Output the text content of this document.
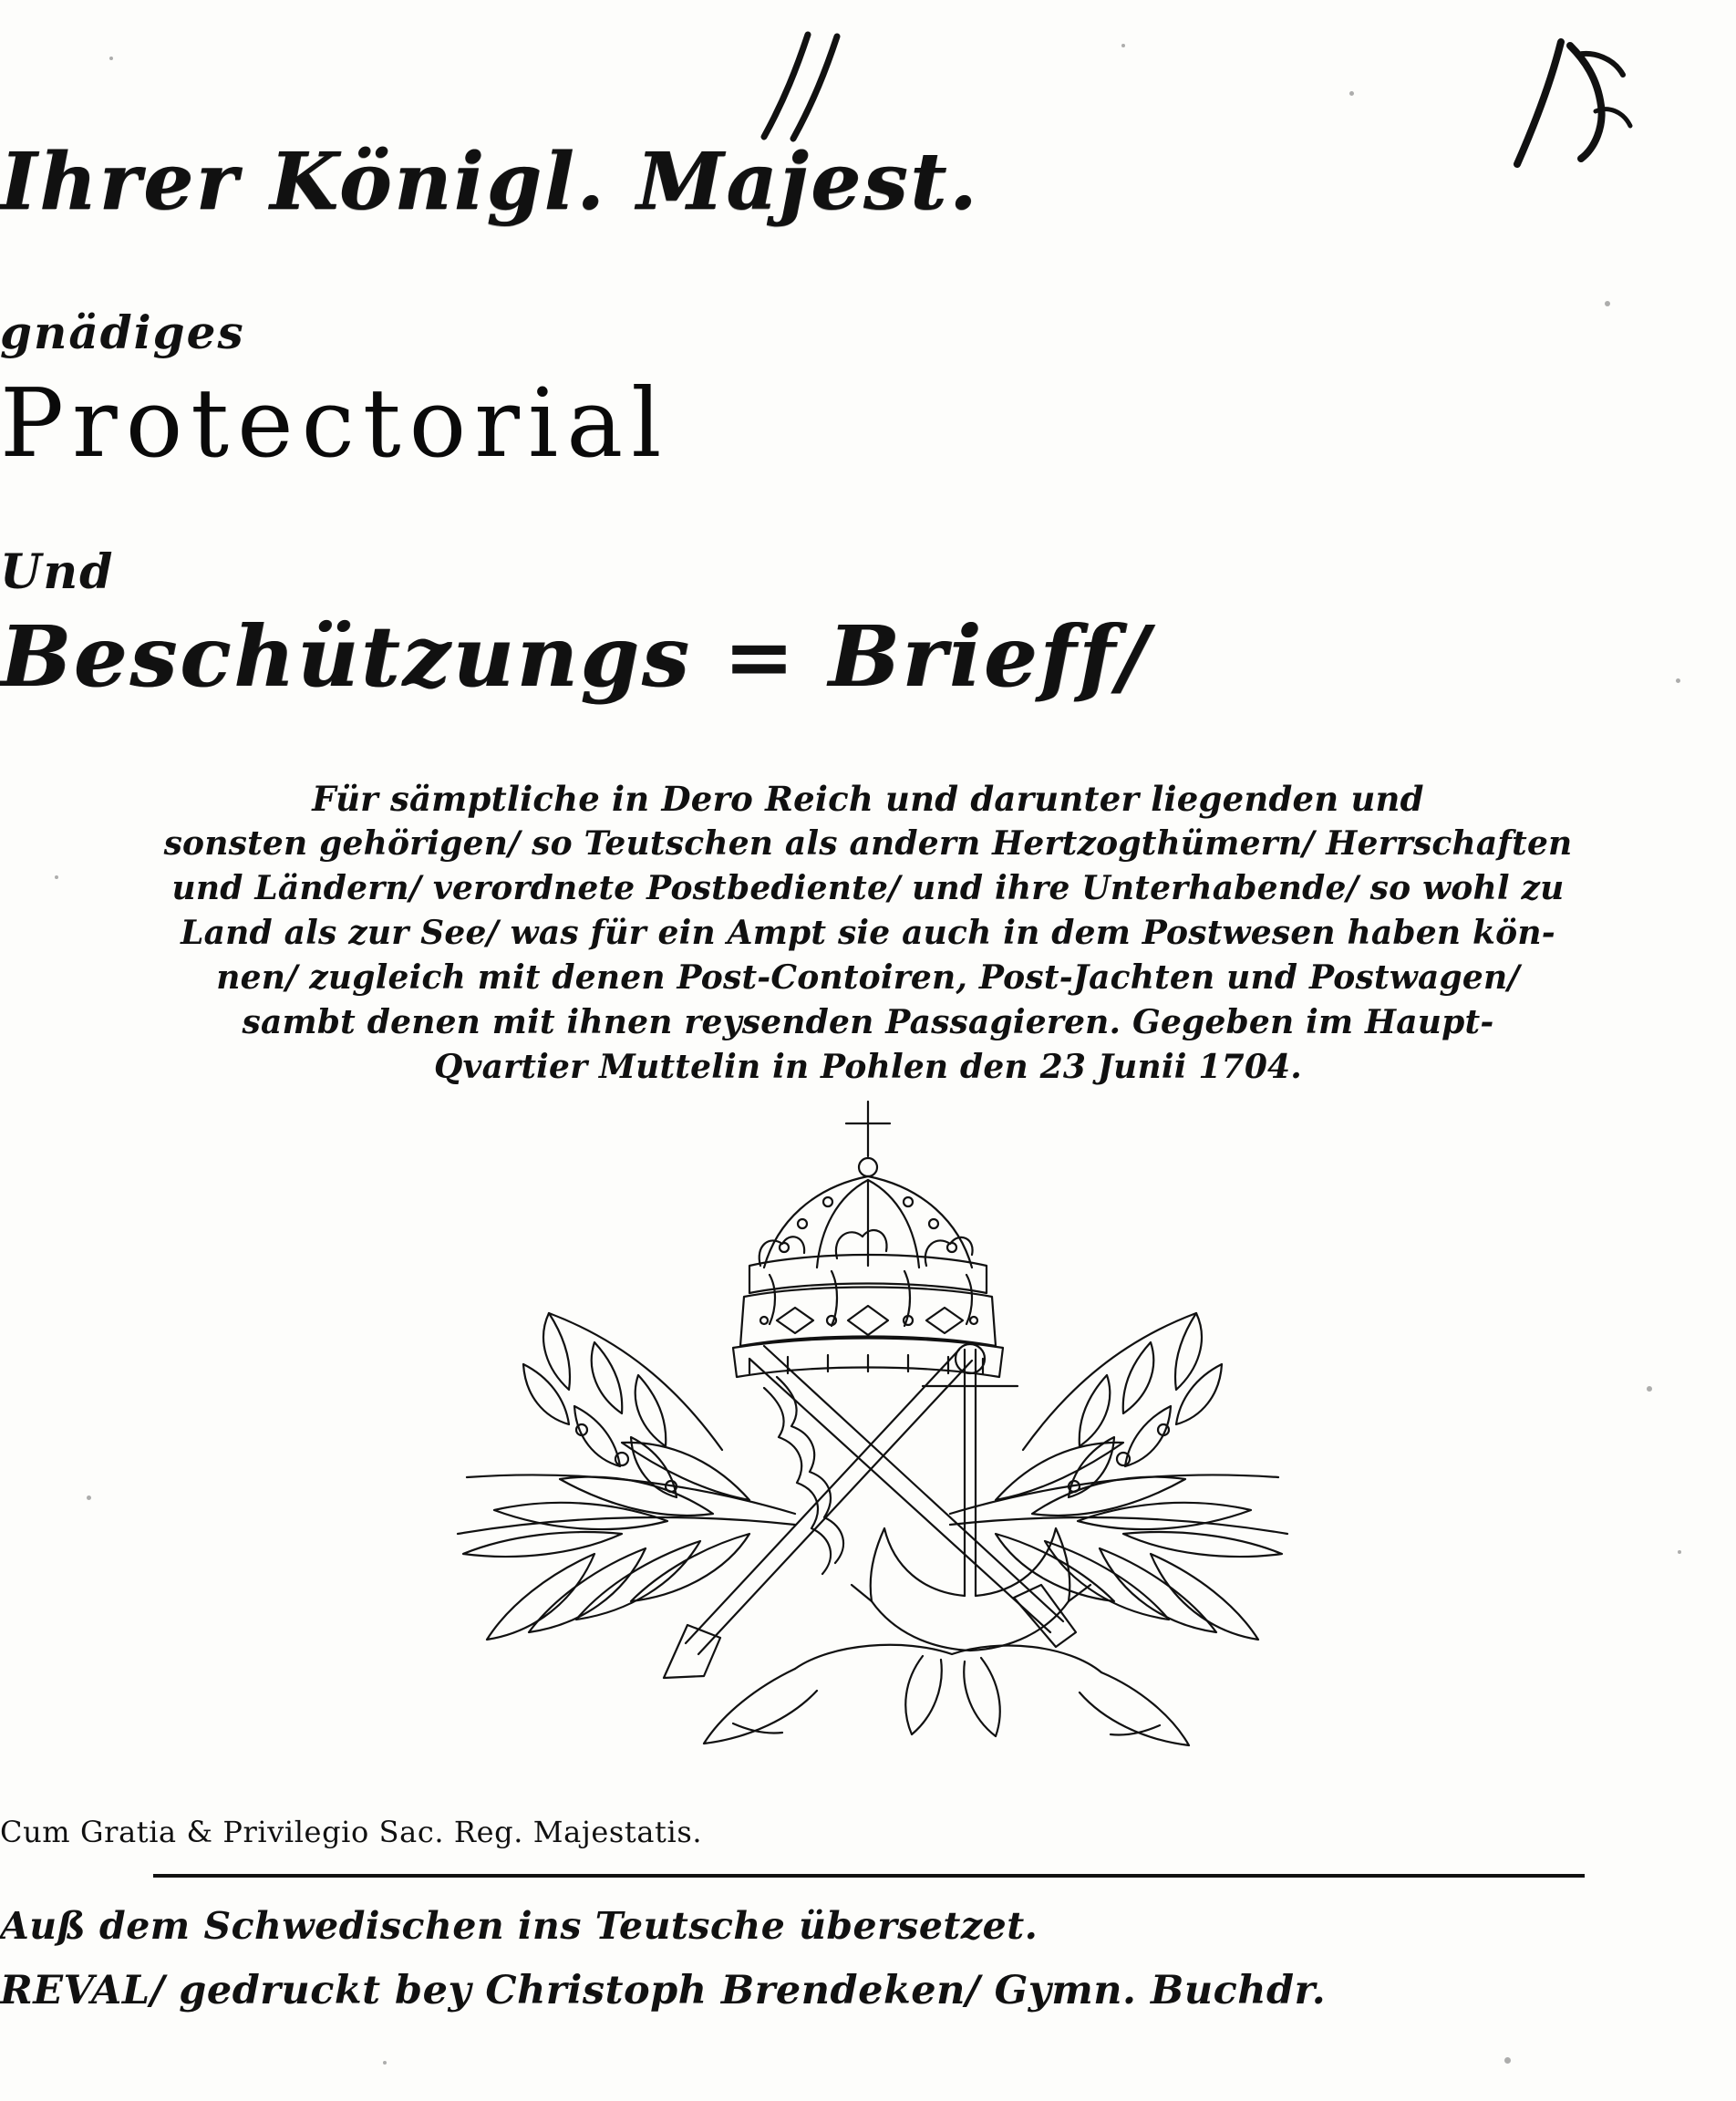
Ihrer Königl. Majest.
gnädiges
Protectorial
Und
Beschützungs = Brieff/
Für sämptliche in Dero Reich und darunter liegenden und
sonsten gehörigen/ so Teutschen als andern Hertzogthümern/ Herrschaften
und Ländern/ verordnete Postbediente/ und ihre Unterhabende/ so wohl zu
Land als zur See/ was für ein Ampt sie auch in dem Postwesen haben kön-
nen/ zugleich mit denen Post-Contoiren, Post-Jachten und Postwagen/
sambt denen mit ihnen reysenden Passagieren. Gegeben im Haupt-
Qvartier Muttelin in Pohlen den 23 Junii 1704.
Cum Gratia & Privilegio Sac. Reg. Majestatis.
Auß dem Schwedischen ins Teutsche übersetzet.
REVAL/ gedruckt bey Christoph Brendeken/ Gymn. Buchdr.
